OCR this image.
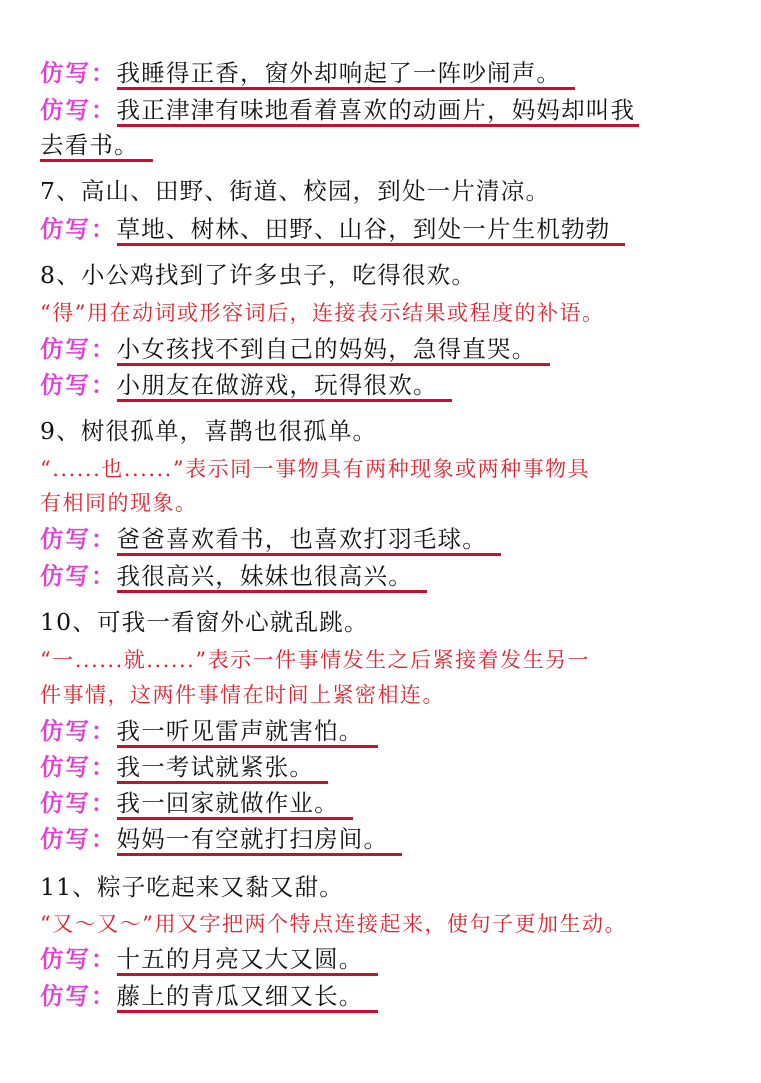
仿写：我睡得正香，窗外却响起了一阵吵闹声。
仿写：我正津津有味地看着喜欢的动画片，妈妈却叫我
去看书。
7、高山、田野、街道、校园，到处一片清凉。
仿写：草地、树林、田野、山谷，到处一片生机勃勃
8、小公鸡找到了许多虫子，吃得很欢。
“得”用在动词或形容词后，连接表示结果或程度的补语。
仿写：小女孩找不到自己的妈妈，急得直哭。
仿写：小朋友在做游戏，玩得很欢。
9、树很孤单，喜鹊也很孤单。
“......也......”表示同一事物具有两种现象或两种事物具
有相同的现象。
仿写：爸爸喜欢看书，也喜欢打羽毛球。
仿写：我很高兴，妹妹也很高兴。
10、可我一看窗外心就乱跳。
“一......就......”表示一件事情发生之后紧接着发生另一
件事情，这两件事情在时间上紧密相连。
仿写：我一听见雷声就害怕。
仿写：我一考试就紧张。
仿写：我一回家就做作业。
仿写：妈妈一有空就打扫房间。
11、粽子吃起来又黏又甜。
“又～又～”用又字把两个特点连接起来，使句子更加生动。
仿写：十五的月亮又大又圆。
仿写：藤上的青瓜又细又长。
